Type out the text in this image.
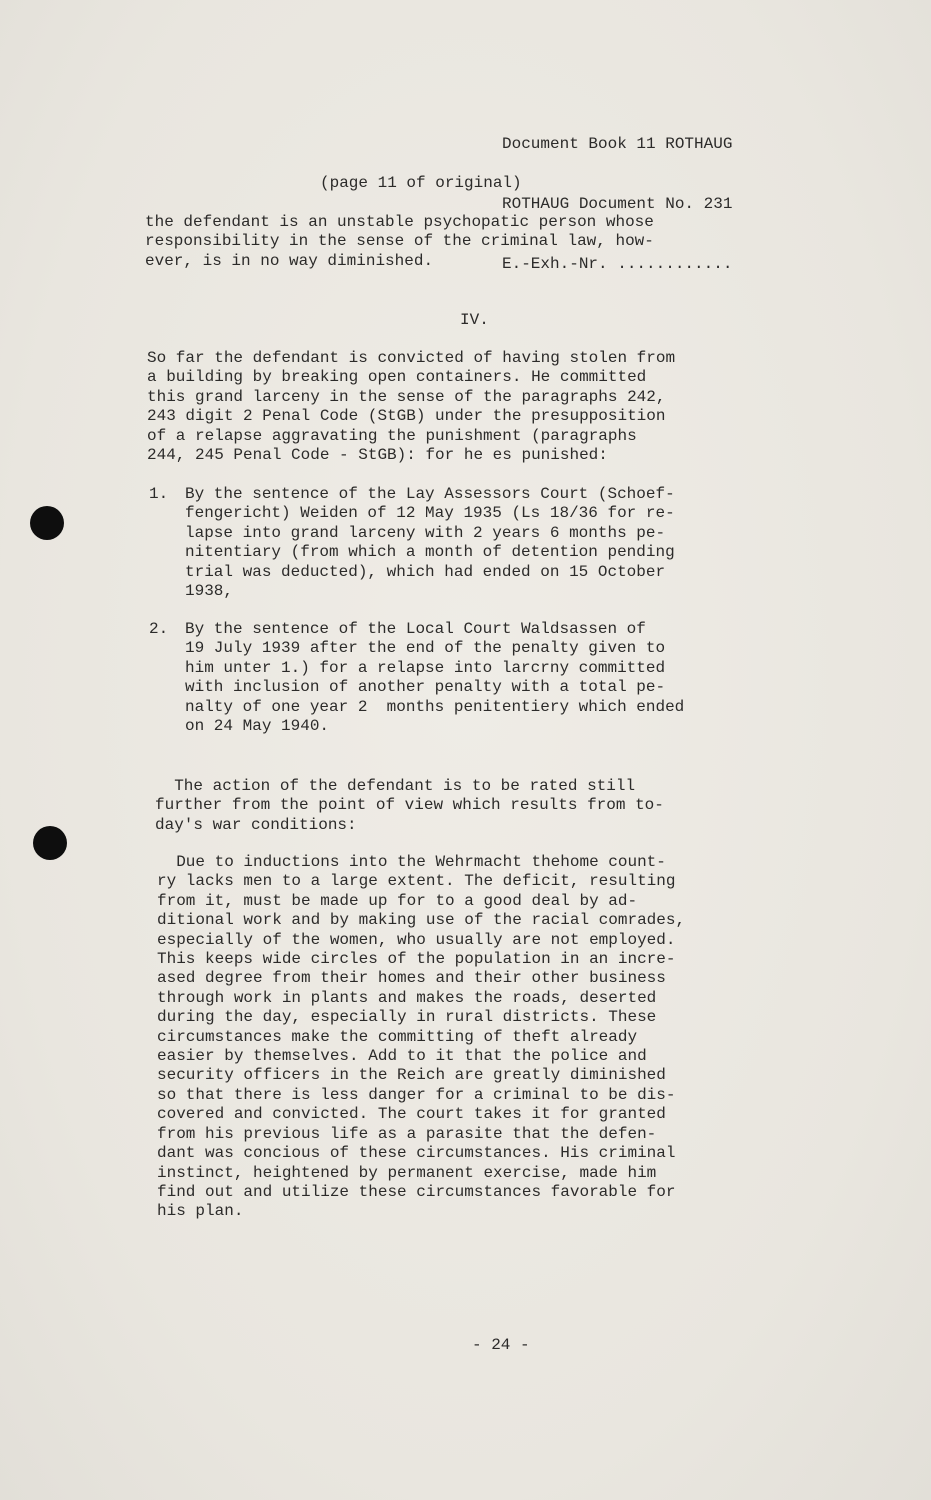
Document Book 11 ROTHAUG

ROTHAUG Document No. 231

E.-Exh.-Nr. ............

(page 11 of original)
the defendant is an unstable psychopatic person whose
responsibility in the sense of the criminal law, how-
ever, is in no way diminished.
IV.
So far the defendant is convicted of having stolen from
a building by breaking open containers. He committed
this grand larceny in the sense of the paragraphs 242,
243 digit 2 Penal Code (StGB) under the presupposition
of a relapse aggravating the punishment (paragraphs
244, 245 Penal Code - StGB): for he es punished:

1.

By the sentence of the Lay Assessors Court (Schoef-
fengericht) Weiden of 12 May 1935 (Ls 18/36 for re-
lapse into grand larceny with 2 years 6 months pe-
nitentiary (from which a month of detention pending
trial was deducted), which had ended on 15 October
1938,

2.

By the sentence of the Local Court Waldsassen of
19 July 1939 after the end of the penalty given to
him unter 1.) for a relapse into larcrny committed
with inclusion of another penalty with a total pe-
nalty of one year 2  months penitentiery which ended
on 24 May 1940.

The action of the defendant is to be rated still
further from the point of view which results from to-
day's war conditions:
Due to inductions into the Wehrmacht thehome count-
ry lacks men to a large extent. The deficit, resulting
from it, must be made up for to a good deal by ad-
ditional work and by making use of the racial comrades,
especially of the women, who usually are not employed.
This keeps wide circles of the population in an incre-
ased degree from their homes and their other business
through work in plants and makes the roads, deserted
during the day, especially in rural districts. These
circumstances make the committing of theft already
easier by themselves. Add to it that the police and
security officers in the Reich are greatly diminished
so that there is less danger for a criminal to be dis-
covered and convicted. The court takes it for granted
from his previous life as a parasite that the defen-
dant was concious of these circumstances. His criminal
instinct, heightened by permanent exercise, made him
find out and utilize these circumstances favorable for
his plan.
- 24 -
